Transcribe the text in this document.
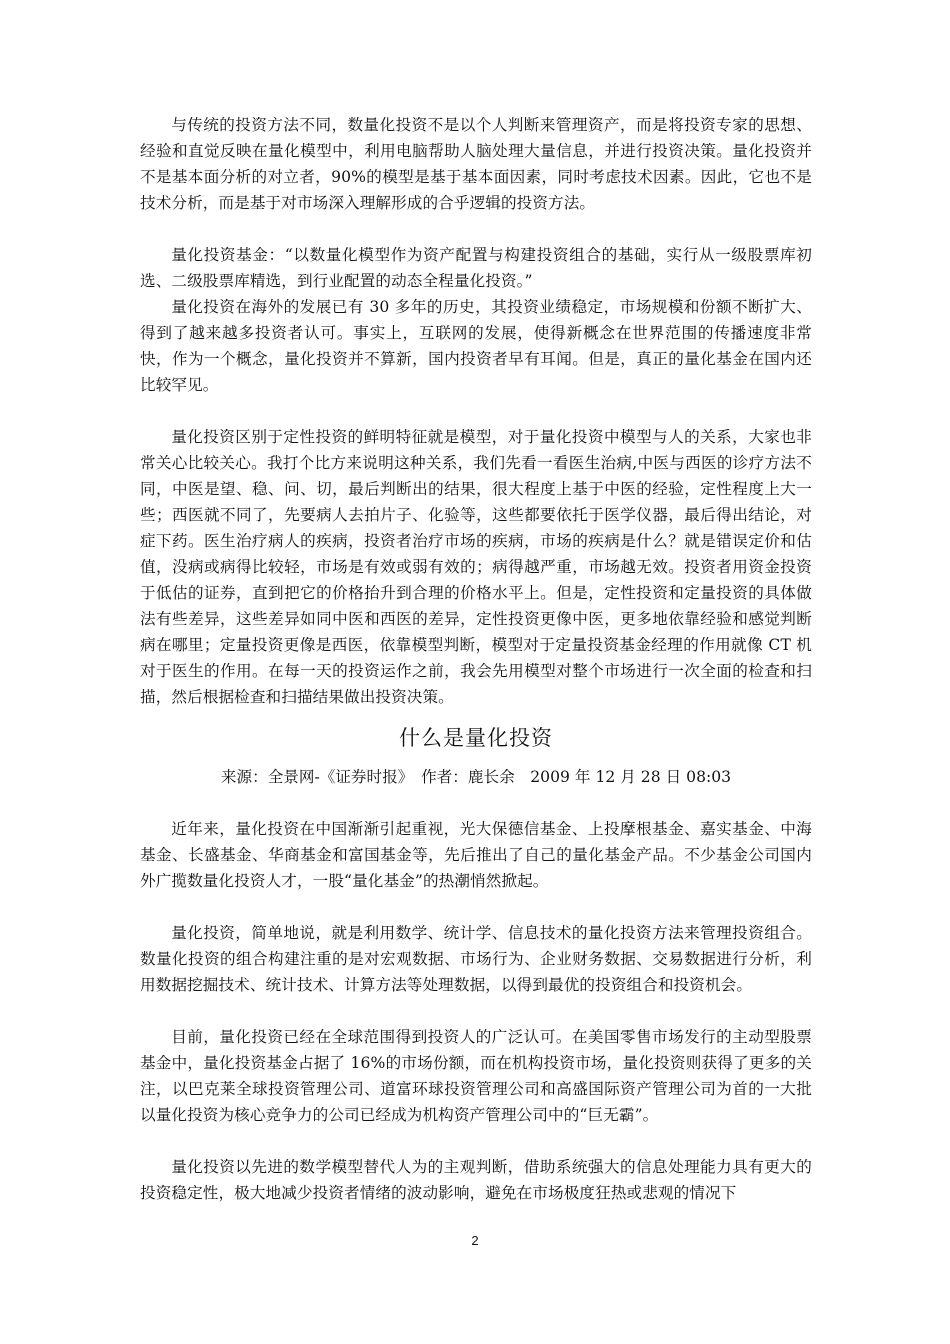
与传统的投资方法不同，数量化投资不是以个人判断来管理资产，而是将投资专家的思想、经验和直觉反映在量化模型中，利用电脑帮助人脑处理大量信息，并进行投资决策。量化投资并不是基本面分析的对立者，90%的模型是基于基本面因素，同时考虑技术因素。因此，它也不是技术分析，而是基于对市场深入理解形成的合乎逻辑的投资方法。

量化投资基金：“以数量化模型作为资产配置与构建投资组合的基础，实行从一级股票库初选、二级股票库精选，到行业配置的动态全程量化投资。”

量化投资在海外的发展已有 30 多年的历史，其投资业绩稳定，市场规模和份额不断扩大、得到了越来越多投资者认可。事实上，互联网的发展，使得新概念在世界范围的传播速度非常快，作为一个概念，量化投资并不算新，国内投资者早有耳闻。但是，真正的量化基金在国内还比较罕见。

量化投资区别于定性投资的鲜明特征就是模型，对于量化投资中模型与人的关系，大家也非常关心比较关心。我打个比方来说明这种关系，我们先看一看医生治病,中医与西医的诊疗方法不同，中医是望、稳、问、切，最后判断出的结果，很大程度上基于中医的经验，定性程度上大一些；西医就不同了，先要病人去拍片子、化验等，这些都要依托于医学仪器，最后得出结论，对症下药。医生治疗病人的疾病，投资者治疗市场的疾病，市场的疾病是什么？就是错误定价和估值，没病或病得比较轻，市场是有效或弱有效的；病得越严重，市场越无效。投资者用资金投资于低估的证券，直到把它的价格抬升到合理的价格水平上。但是，定性投资和定量投资的具体做法有些差异，这些差异如同中医和西医的差异，定性投资更像中医，更多地依靠经验和感觉判断病在哪里；定量投资更像是西医，依靠模型判断，模型对于定量投资基金经理的作用就像 CT 机对于医生的作用。在每一天的投资运作之前，我会先用模型对整个市场进行一次全面的检查和扫描，然后根据检查和扫描结果做出投资决策。

什么是量化投资

来源：全景网-《证券时报》　作者：鹿长余　2009 年 12 月 28 日 08:03

近年来，量化投资在中国渐渐引起重视，光大保德信基金、上投摩根基金、嘉实基金、中海基金、长盛基金、华商基金和富国基金等，先后推出了自己的量化基金产品。不少基金公司国内外广揽数量化投资人才，一股“量化基金”的热潮悄然掀起。

量化投资，简单地说，就是利用数学、统计学、信息技术的量化投资方法来管理投资组合。数量化投资的组合构建注重的是对宏观数据、市场行为、企业财务数据、交易数据进行分析，利用数据挖掘技术、统计技术、计算方法等处理数据，以得到最优的投资组合和投资机会。

目前，量化投资已经在全球范围得到投资人的广泛认可。在美国零售市场发行的主动型股票基金中，量化投资基金占据了 16%的市场份额，而在机构投资市场，量化投资则获得了更多的关注，以巴克莱全球投资管理公司、道富环球投资管理公司和高盛国际资产管理公司为首的一大批以量化投资为核心竞争力的公司已经成为机构资产管理公司中的“巨无霸”。

量化投资以先进的数学模型替代人为的主观判断，借助系统强大的信息处理能力具有更大的投资稳定性，极大地减少投资者情绪的波动影响，避免在市场极度狂热或悲观的情况下

2
